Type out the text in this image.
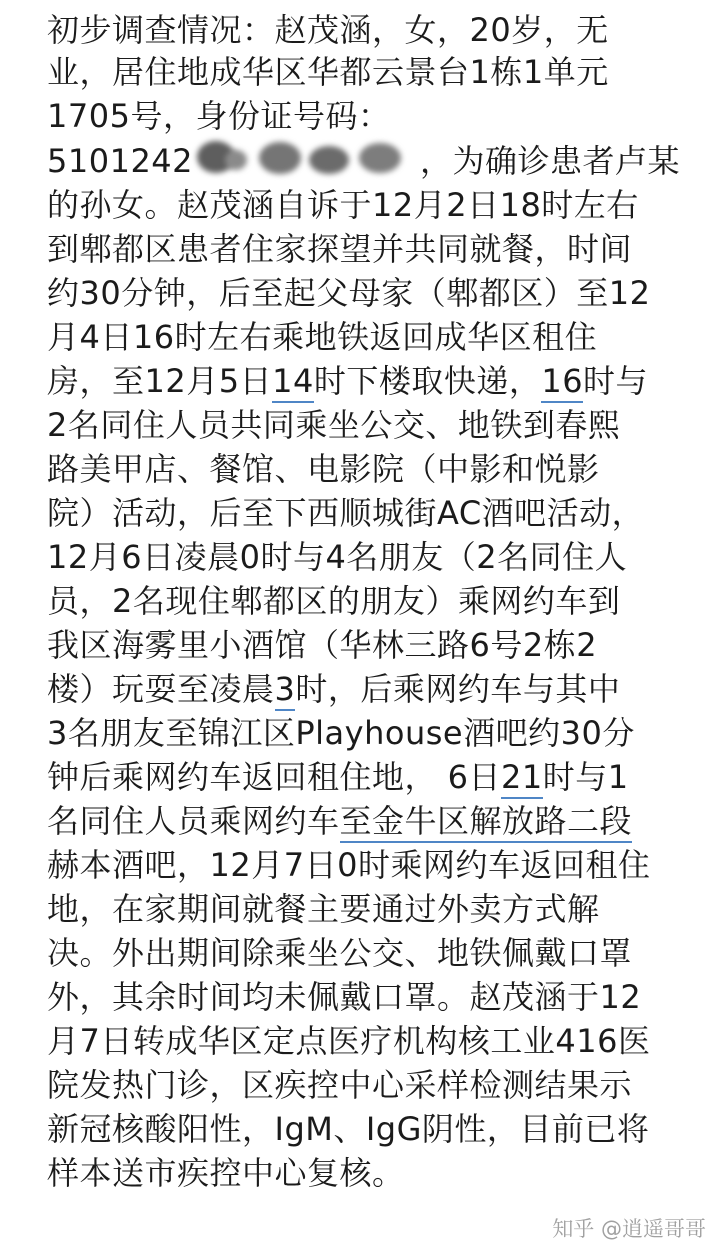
初步调查情况：赵茂涵，女，20岁，无
业，居住地成华区华都云景台1栋1单元
1705号，身份证号码：
5101242	，为确诊患者卢某
的孙女。赵茂涵自诉于12月2日18时左右
到郫都区患者住家探望并共同就餐，时间
约30分钟，后至起父母家（郫都区）至12
月4日16时左右乘地铁返回成华区租住
房，至12月5日14时下楼取快递，16时与
2名同住人员共同乘坐公交、地铁到春熙
路美甲店、餐馆、电影院（中影和悦影
院）活动，后至下西顺城街AC酒吧活动，
12月6日凌晨0时与4名朋友（2名同住人
员，2名现住郫都区的朋友）乘网约车到
我区海雾里小酒馆（华林三路6号2栋2
楼）玩耍至凌晨3时，后乘网约车与其中
3名朋友至锦江区Playhouse酒吧约30分
钟后乘网约车返回租住地， 6日21时与1
名同住人员乘网约车至金牛区解放路二段
赫本酒吧，12月7日0时乘网约车返回租住
地，在家期间就餐主要通过外卖方式解
决。外出期间除乘坐公交、地铁佩戴口罩
外，其余时间均未佩戴口罩。赵茂涵于12
月7日转成华区定点医疗机构核工业416医
院发热门诊，区疾控中心采样检测结果示
新冠核酸阳性，IgM、IgG阴性，目前已将
样本送市疾控中心复核。
知乎 @逍遥哥哥
